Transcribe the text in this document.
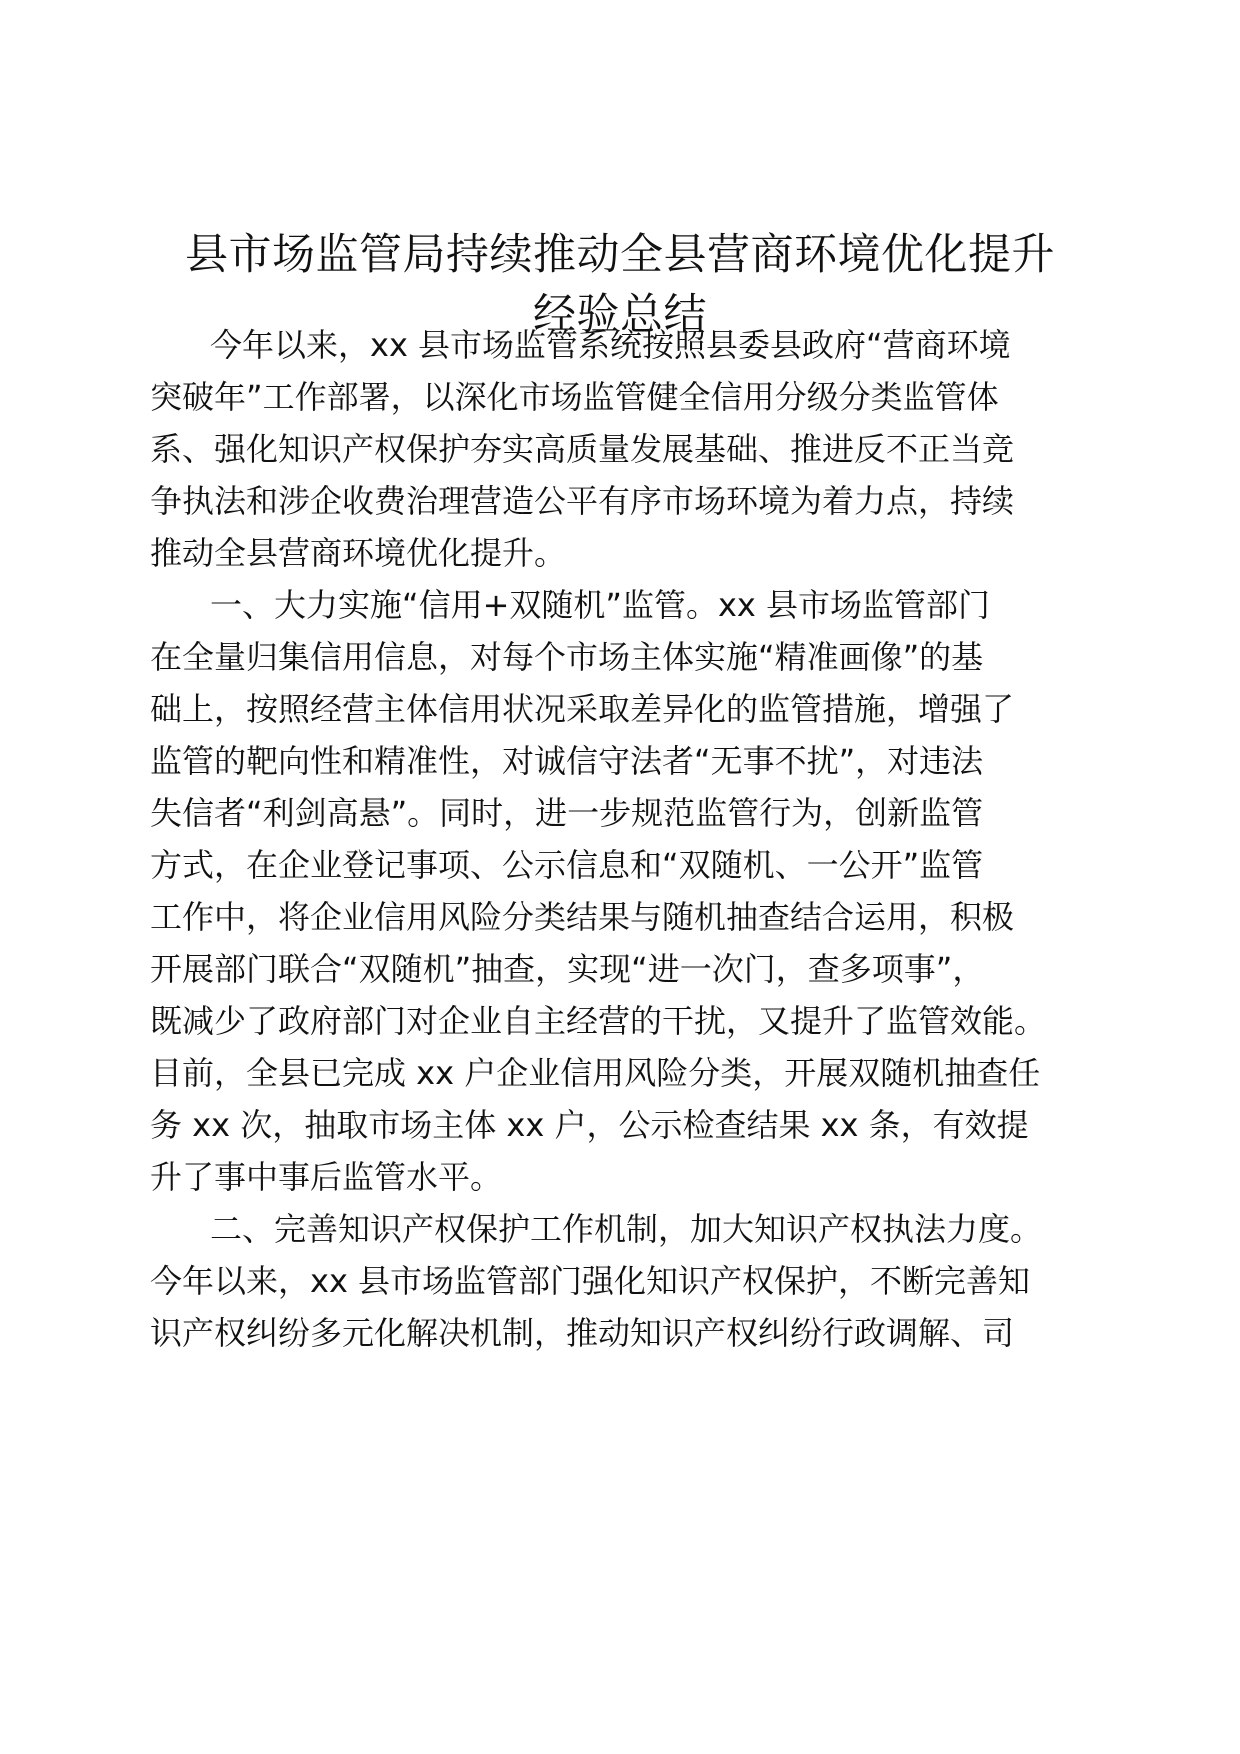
县市场监管局持续推动全县营商环境优化提升
经验总结
今年以来，xx 县市场监管系统按照县委县政府“营商环境
突破年”工作部署，以深化市场监管健全信用分级分类监管体
系、强化知识产权保护夯实高质量发展基础、推进反不正当竞
争执法和涉企收费治理营造公平有序市场环境为着力点，持续
推动全县营商环境优化提升。
一、大力实施“信用+双随机”监管。xx 县市场监管部门
在全量归集信用信息，对每个市场主体实施“精准画像”的基
础上，按照经营主体信用状况采取差异化的监管措施，增强了
监管的靶向性和精准性，对诚信守法者“无事不扰”，对违法
失信者“利剑高悬”。同时，进一步规范监管行为，创新监管
方式，在企业登记事项、公示信息和“双随机、一公开”监管
工作中，将企业信用风险分类结果与随机抽查结合运用，积极
开展部门联合“双随机”抽查，实现“进一次门，查多项事”，
既减少了政府部门对企业自主经营的干扰，又提升了监管效能。
目前，全县已完成 xx 户企业信用风险分类，开展双随机抽查任
务 xx 次，抽取市场主体 xx 户，公示检查结果 xx 条，有效提
升了事中事后监管水平。
二、完善知识产权保护工作机制，加大知识产权执法力度。
今年以来，xx 县市场监管部门强化知识产权保护，不断完善知
识产权纠纷多元化解决机制，推动知识产权纠纷行政调解、司
